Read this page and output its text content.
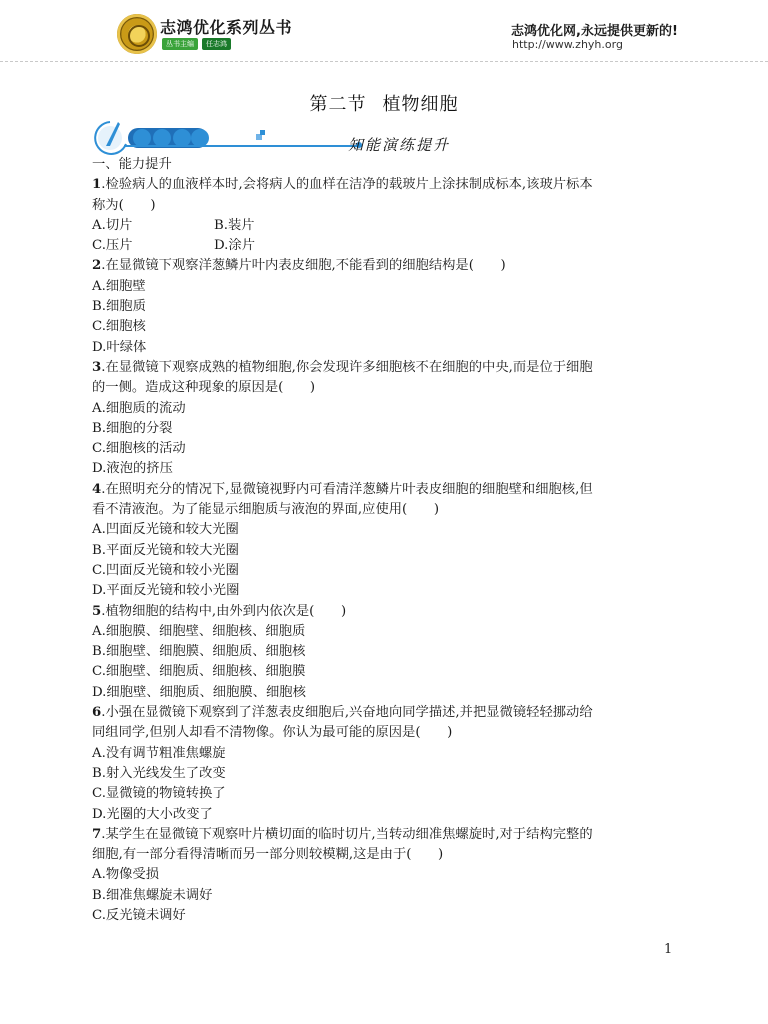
志鸿优化系列丛书
丛书主编	任志鸿
志鸿优化网,永远提供更新的!
http://www.zhyh.org
第二节 植物细胞
知能演练提升
一、能力提升
1.检验病人的血液样本时,会将病人的血样在洁净的载玻片上涂抹制成标本,该玻片标本
称为(　　)
A.切片	B.装片
C.压片	D.涂片
2.在显微镜下观察洋葱鳞片叶内表皮细胞,不能看到的细胞结构是(　　)
A.细胞壁
B.细胞质
C.细胞核
D.叶绿体
3.在显微镜下观察成熟的植物细胞,你会发现许多细胞核不在细胞的中央,而是位于细胞
的一侧。造成这种现象的原因是(　　)
A.细胞质的流动
B.细胞的分裂
C.细胞核的活动
D.液泡的挤压
4.在照明充分的情况下,显微镜视野内可看清洋葱鳞片叶表皮细胞的细胞壁和细胞核,但
看不清液泡。为了能显示细胞质与液泡的界面,应使用(　　)
A.凹面反光镜和较大光圈
B.平面反光镜和较大光圈
C.凹面反光镜和较小光圈
D.平面反光镜和较小光圈
5.植物细胞的结构中,由外到内依次是(　　)
A.细胞膜、细胞壁、细胞核、细胞质
B.细胞壁、细胞膜、细胞质、细胞核
C.细胞壁、细胞质、细胞核、细胞膜
D.细胞壁、细胞质、细胞膜、细胞核
6.小强在显微镜下观察到了洋葱表皮细胞后,兴奋地向同学描述,并把显微镜轻轻挪动给
同组同学,但别人却看不清物像。你认为最可能的原因是(　　)
A.没有调节粗准焦螺旋
B.射入光线发生了改变
C.显微镜的物镜转换了
D.光圈的大小改变了
7.某学生在显微镜下观察叶片横切面的临时切片,当转动细准焦螺旋时,对于结构完整的
细胞,有一部分看得清晰而另一部分则较模糊,这是由于(　　)
A.物像受损
B.细准焦螺旋未调好
C.反光镜未调好
1
